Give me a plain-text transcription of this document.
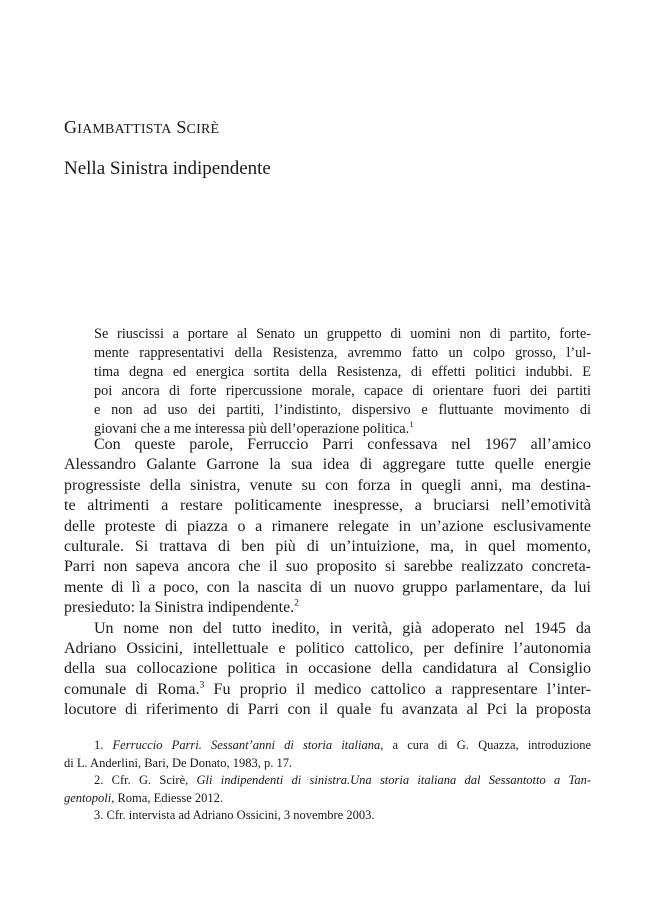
GIAMBATTISTA SCIRÈ
Nella Sinistra indipendente
Se riuscissi a portare al Senato un gruppetto di uomini non di partito, forte-
mente rappresentativi della Resistenza, avremmo fatto un colpo grosso, l’ul-
tima degna ed energica sortita della Resistenza, di effetti politici indubbi. E
poi ancora di forte ripercussione morale, capace di orientare fuori dei partiti
e non ad uso dei partiti, l’indistinto, dispersivo e fluttuante movimento di
giovani che a me interessa più dell’operazione politica.$^1$
Con queste parole, Ferruccio Parri confessava nel 1967 all’amico
Alessandro Galante Garrone la sua idea di aggregare tutte quelle energie
progressiste della sinistra, venute su con forza in quegli anni, ma destina-
te altrimenti a restare politicamente inespresse, a bruciarsi nell’emotività
delle proteste di piazza o a rimanere relegate in un’azione esclusivamente
culturale. Si trattava di ben più di un’intuizione, ma, in quel momento,
Parri non sapeva ancora che il suo proposito si sarebbe realizzato concreta-
mente di lì a poco, con la nascita di un nuovo gruppo parlamentare, da lui
presieduto: la Sinistra indipendente.$^2$
Un nome non del tutto inedito, in verità, già adoperato nel 1945 da
Adriano Ossicini, intellettuale e politico cattolico, per definire l’autonomia
della sua collocazione politica in occasione della candidatura al Consiglio
comunale di Roma.$^3$ Fu proprio il medico cattolico a rappresentare l’inter-
locutore di riferimento di Parri con il quale fu avanzata al Pci la proposta
1. Ferruccio Parri. Sessant’anni di storia italiana, a cura di G. Quazza, introduzione
di L. Anderlini, Bari, De Donato, 1983, p. 17.
2. Cfr. G. Scirè, Gli indipendenti di sinistra.Una storia italiana dal Sessantotto a Tan-
gentopoli, Roma, Ediesse 2012.
3. Cfr. intervista ad Adriano Ossicini, 3 novembre 2003.
